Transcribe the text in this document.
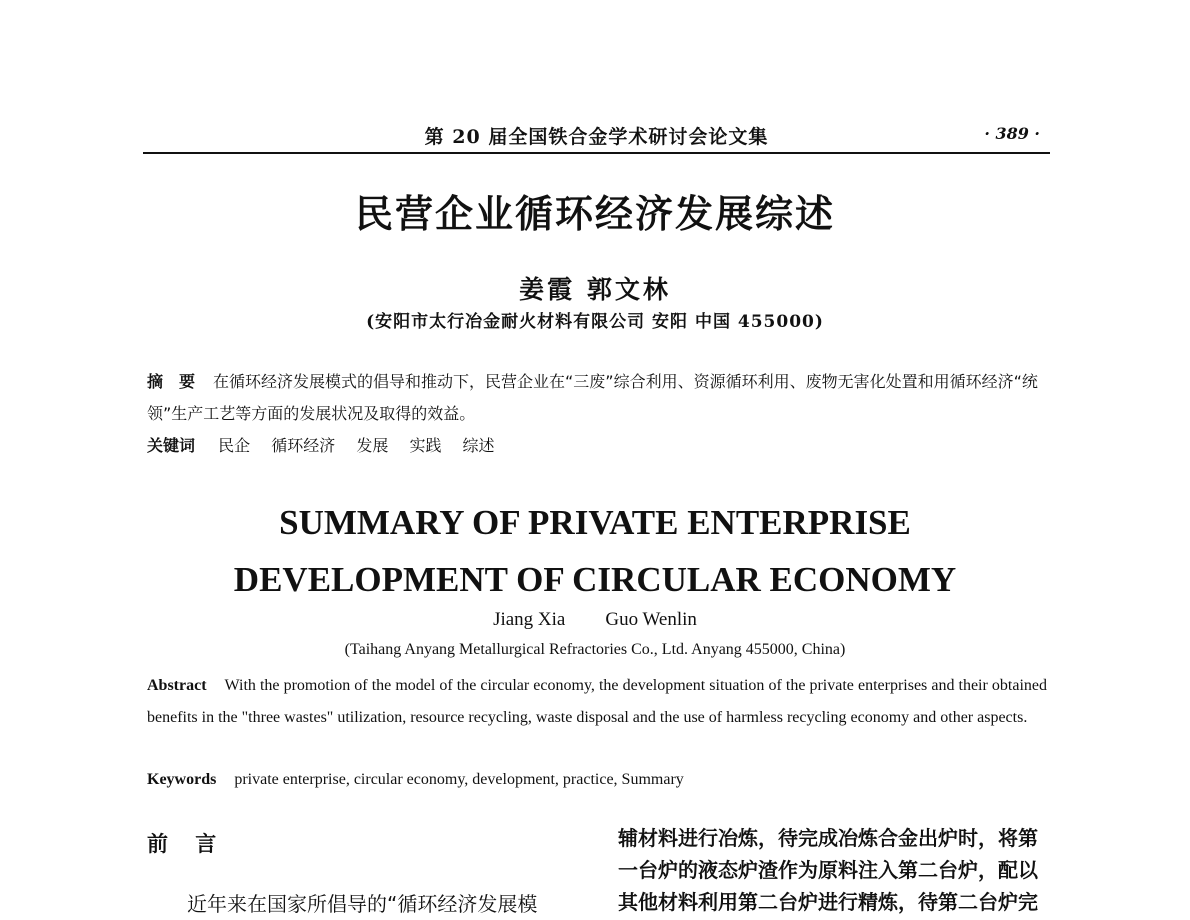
第 20 届全国铁合金学术研讨会论文集	· 389 ·
民营企业循环经济发展综述
姜霞 郭文林
(安阳市太行冶金耐火材料有限公司 安阳 中国 455000)
摘　要 在循环经济发展模式的倡导和推动下，民营企业在“三废”综合利用、资源循环利用、废物无害化处置和用循环经济“统领”生产工艺等方面的发展状况及取得的效益。
关键词 民企 循环经济 发展 实践 综述
SUMMARY OF PRIVATE ENTERPRISE
DEVELOPMENT OF CIRCULAR ECONOMY
Jiang Xia Guo Wenlin
(Taihang Anyang Metallurgical Refractories Co., Ltd. Anyang 455000, China)
Abstract With the promotion of the model of the circular economy, the development situation of the private enterprises and their obtained benefits in the "three wastes" utilization, resource recycling, waste disposal and the use of harmless recycling economy and other aspects.
Keywords private enterprise, circular economy, development, practice, Summary
前 言
近年来在国家所倡导的“循环经济发展模
辅材料进行冶炼，待完成冶炼合金出炉时，将第
一台炉的液态炉渣作为原料注入第二台炉，配以
其他材料利用第二台炉进行精炼，待第二台炉完
